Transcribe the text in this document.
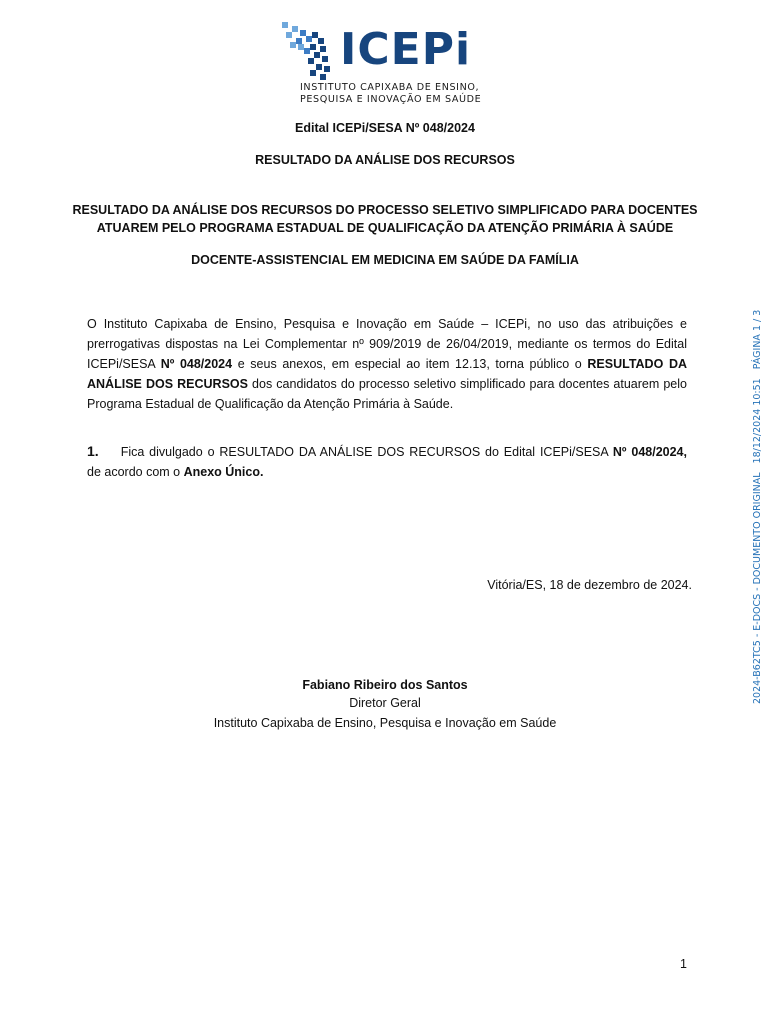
ICEPi
INSTITUTO CAPIXABA DE ENSINO,
PESQUISA E INOVAÇÃO EM SAÚDE
Edital ICEPi/SESA Nº 048/2024
RESULTADO DA ANÁLISE DOS RECURSOS
RESULTADO DA ANÁLISE DOS RECURSOS DO PROCESSO SELETIVO SIMPLIFICADO PARA DOCENTES
ATUAREM PELO PROGRAMA ESTADUAL DE QUALIFICAÇÃO DA ATENÇÃO PRIMÁRIA À SAÚDE
DOCENTE-ASSISTENCIAL EM MEDICINA EM SAÚDE DA FAMÍLIA
O Instituto Capixaba de Ensino, Pesquisa e Inovação em Saúde – ICEPi, no uso das atribuições e prerrogativas dispostas na Lei Complementar nº 909/2019 de 26/04/2019, mediante os termos do Edital ICEPi/SESA Nº 048/2024 e seus anexos, em especial ao item 12.13, torna público o RESULTADO DA ANÁLISE DOS RECURSOS dos candidatos do processo seletivo simplificado para docentes atuarem pelo Programa Estadual de Qualificação da Atenção Primária à Saúde.
1. Fica divulgado o RESULTADO DA ANÁLISE DOS RECURSOS do Edital ICEPi/SESA Nº 048/2024, de acordo com o Anexo Único.
Vitória/ES, 18 de dezembro de 2024.
Fabiano Ribeiro dos Santos
Diretor Geral
Instituto Capixaba de Ensino, Pesquisa e Inovação em Saúde
1
2024-B62TC5 - E-DOCS - DOCUMENTO ORIGINAL18/12/2024 10:51PÁGINA 1 / 3
